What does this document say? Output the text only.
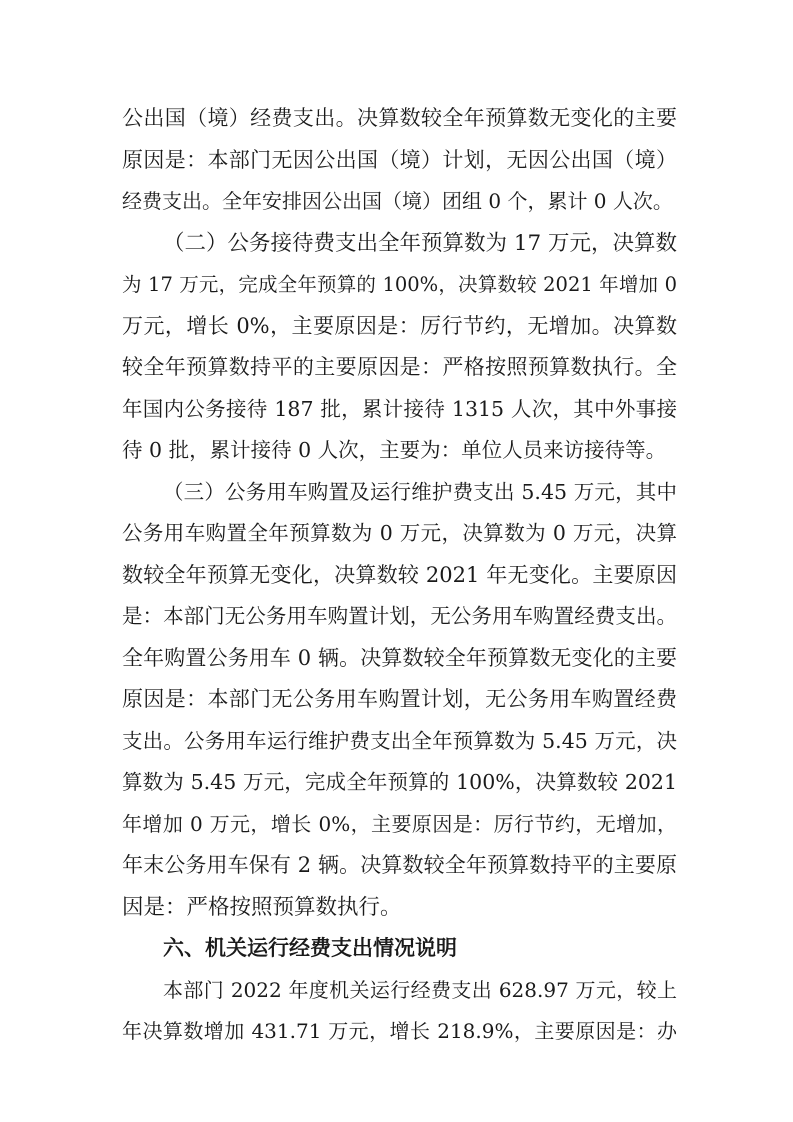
公出国（境）经费支出。决算数较全年预算数无变化的主要
原因是：本部门无因公出国（境）计划，无因公出国（境）
经费支出。全年安排因公出国（境）团组 0 个，累计 0 人次。
（二）公务接待费支出全年预算数为 17 万元，决算数
为 17 万元，完成全年预算的 100%，决算数较 2021 年增加 0
万元，增长 0%，主要原因是：厉行节约，无增加。决算数
较全年预算数持平的主要原因是：严格按照预算数执行。全
年国内公务接待 187 批，累计接待 1315 人次，其中外事接
待 0 批，累计接待 0 人次，主要为：单位人员来访接待等。
（三）公务用车购置及运行维护费支出 5.45 万元，其中
公务用车购置全年预算数为 0 万元，决算数为 0 万元，决算
数较全年预算无变化，决算数较 2021 年无变化。主要原因
是：本部门无公务用车购置计划，无公务用车购置经费支出。
全年购置公务用车 0 辆。决算数较全年预算数无变化的主要
原因是：本部门无公务用车购置计划，无公务用车购置经费
支出。公务用车运行维护费支出全年预算数为 5.45 万元，决
算数为 5.45 万元，完成全年预算的 100%，决算数较 2021
年增加 0 万元，增长 0%，主要原因是：厉行节约，无增加，
年末公务用车保有 2 辆。决算数较全年预算数持平的主要原
因是：严格按照预算数执行。
六、机关运行经费支出情况说明
本部门 2022 年度机关运行经费支出 628.97 万元，较上
年决算数增加 431.71 万元，增长 218.9%，主要原因是：办
